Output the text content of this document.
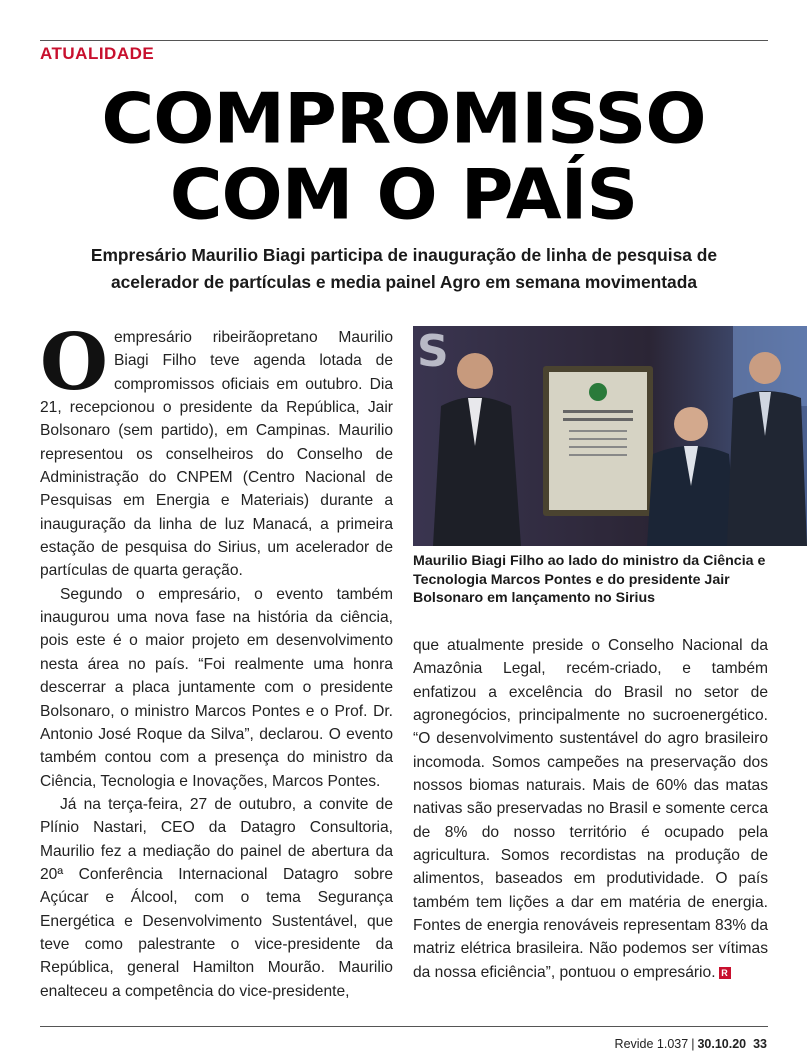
ATUALIDADE
COMPROMISSO
COM O PAÍS
Empresário Maurilio Biagi participa de inauguração de linha de pesquisa de
acelerador de partículas e media painel Agro em semana movimentada

Oempresário ribeirãopretano Maurilio Biagi Filho teve agenda lotada de compromissos oficiais em outubro. Dia 21, recepcionou o presidente da República, Jair Bolsonaro (sem partido), em Campinas. Maurilio representou os conselheiros do Conselho de Administração do CNPEM (Centro Nacional de Pesquisas em Energia e Materiais) durante a inauguração da linha de luz Manacá, a primeira estação de pesquisa do Sirius, um acelerador de partículas de quarta geração.

Segundo o empresário, o evento também inaugurou uma nova fase na história da ciência, pois este é o maior projeto em desenvolvimento nesta área no país. “Foi realmente uma honra descerrar a placa juntamente com o presidente Bolsonaro, o ministro Marcos Pontes e o Prof. Dr. Antonio José Roque da Silva”, declarou. O evento também contou com a presença do ministro da Ciência, Tecnologia e Inovações, Marcos Pontes.

Já na terça-feira, 27 de outubro, a convite de Plínio Nastari, CEO da Datagro Consultoria, Maurilio fez a mediação do painel de abertura da 20ª Conferência Internacional Datagro sobre Açúcar e Álcool, com o tema Segurança Energética e Desenvolvimento Sustentável, que teve como palestrante o vice-presidente da República, general Hamilton Mourão. Maurilio enalteceu a competência do vice-presidente,

S
Maurilio Biagi Filho ao lado do ministro da Ciência e Tecnologia Marcos Pontes e do presidente Jair Bolsonaro em lançamento no Sirius

que atualmente preside o Conselho Nacional da Amazônia Legal, recém-criado, e também enfatizou a excelência do Brasil no setor de agronegócios, principalmente no sucroenergético. “O desenvolvimento sustentável do agro brasileiro incomoda. Somos campeões na preservação dos nossos biomas naturais. Mais de 60% das matas nativas são preservadas no Brasil e somente cerca de 8% do nosso território é ocupado pela agricultura. Somos recordistas na produção de alimentos, baseados em produtividade. O país também tem lições a dar em matéria de energia. Fontes de energia renováveis representam 83% da matriz elétrica brasileira. Não podemos ser vítimas da nossa eficiência”, pontuou o empresário. R

Revide 1.037 | 30.10.20 33
